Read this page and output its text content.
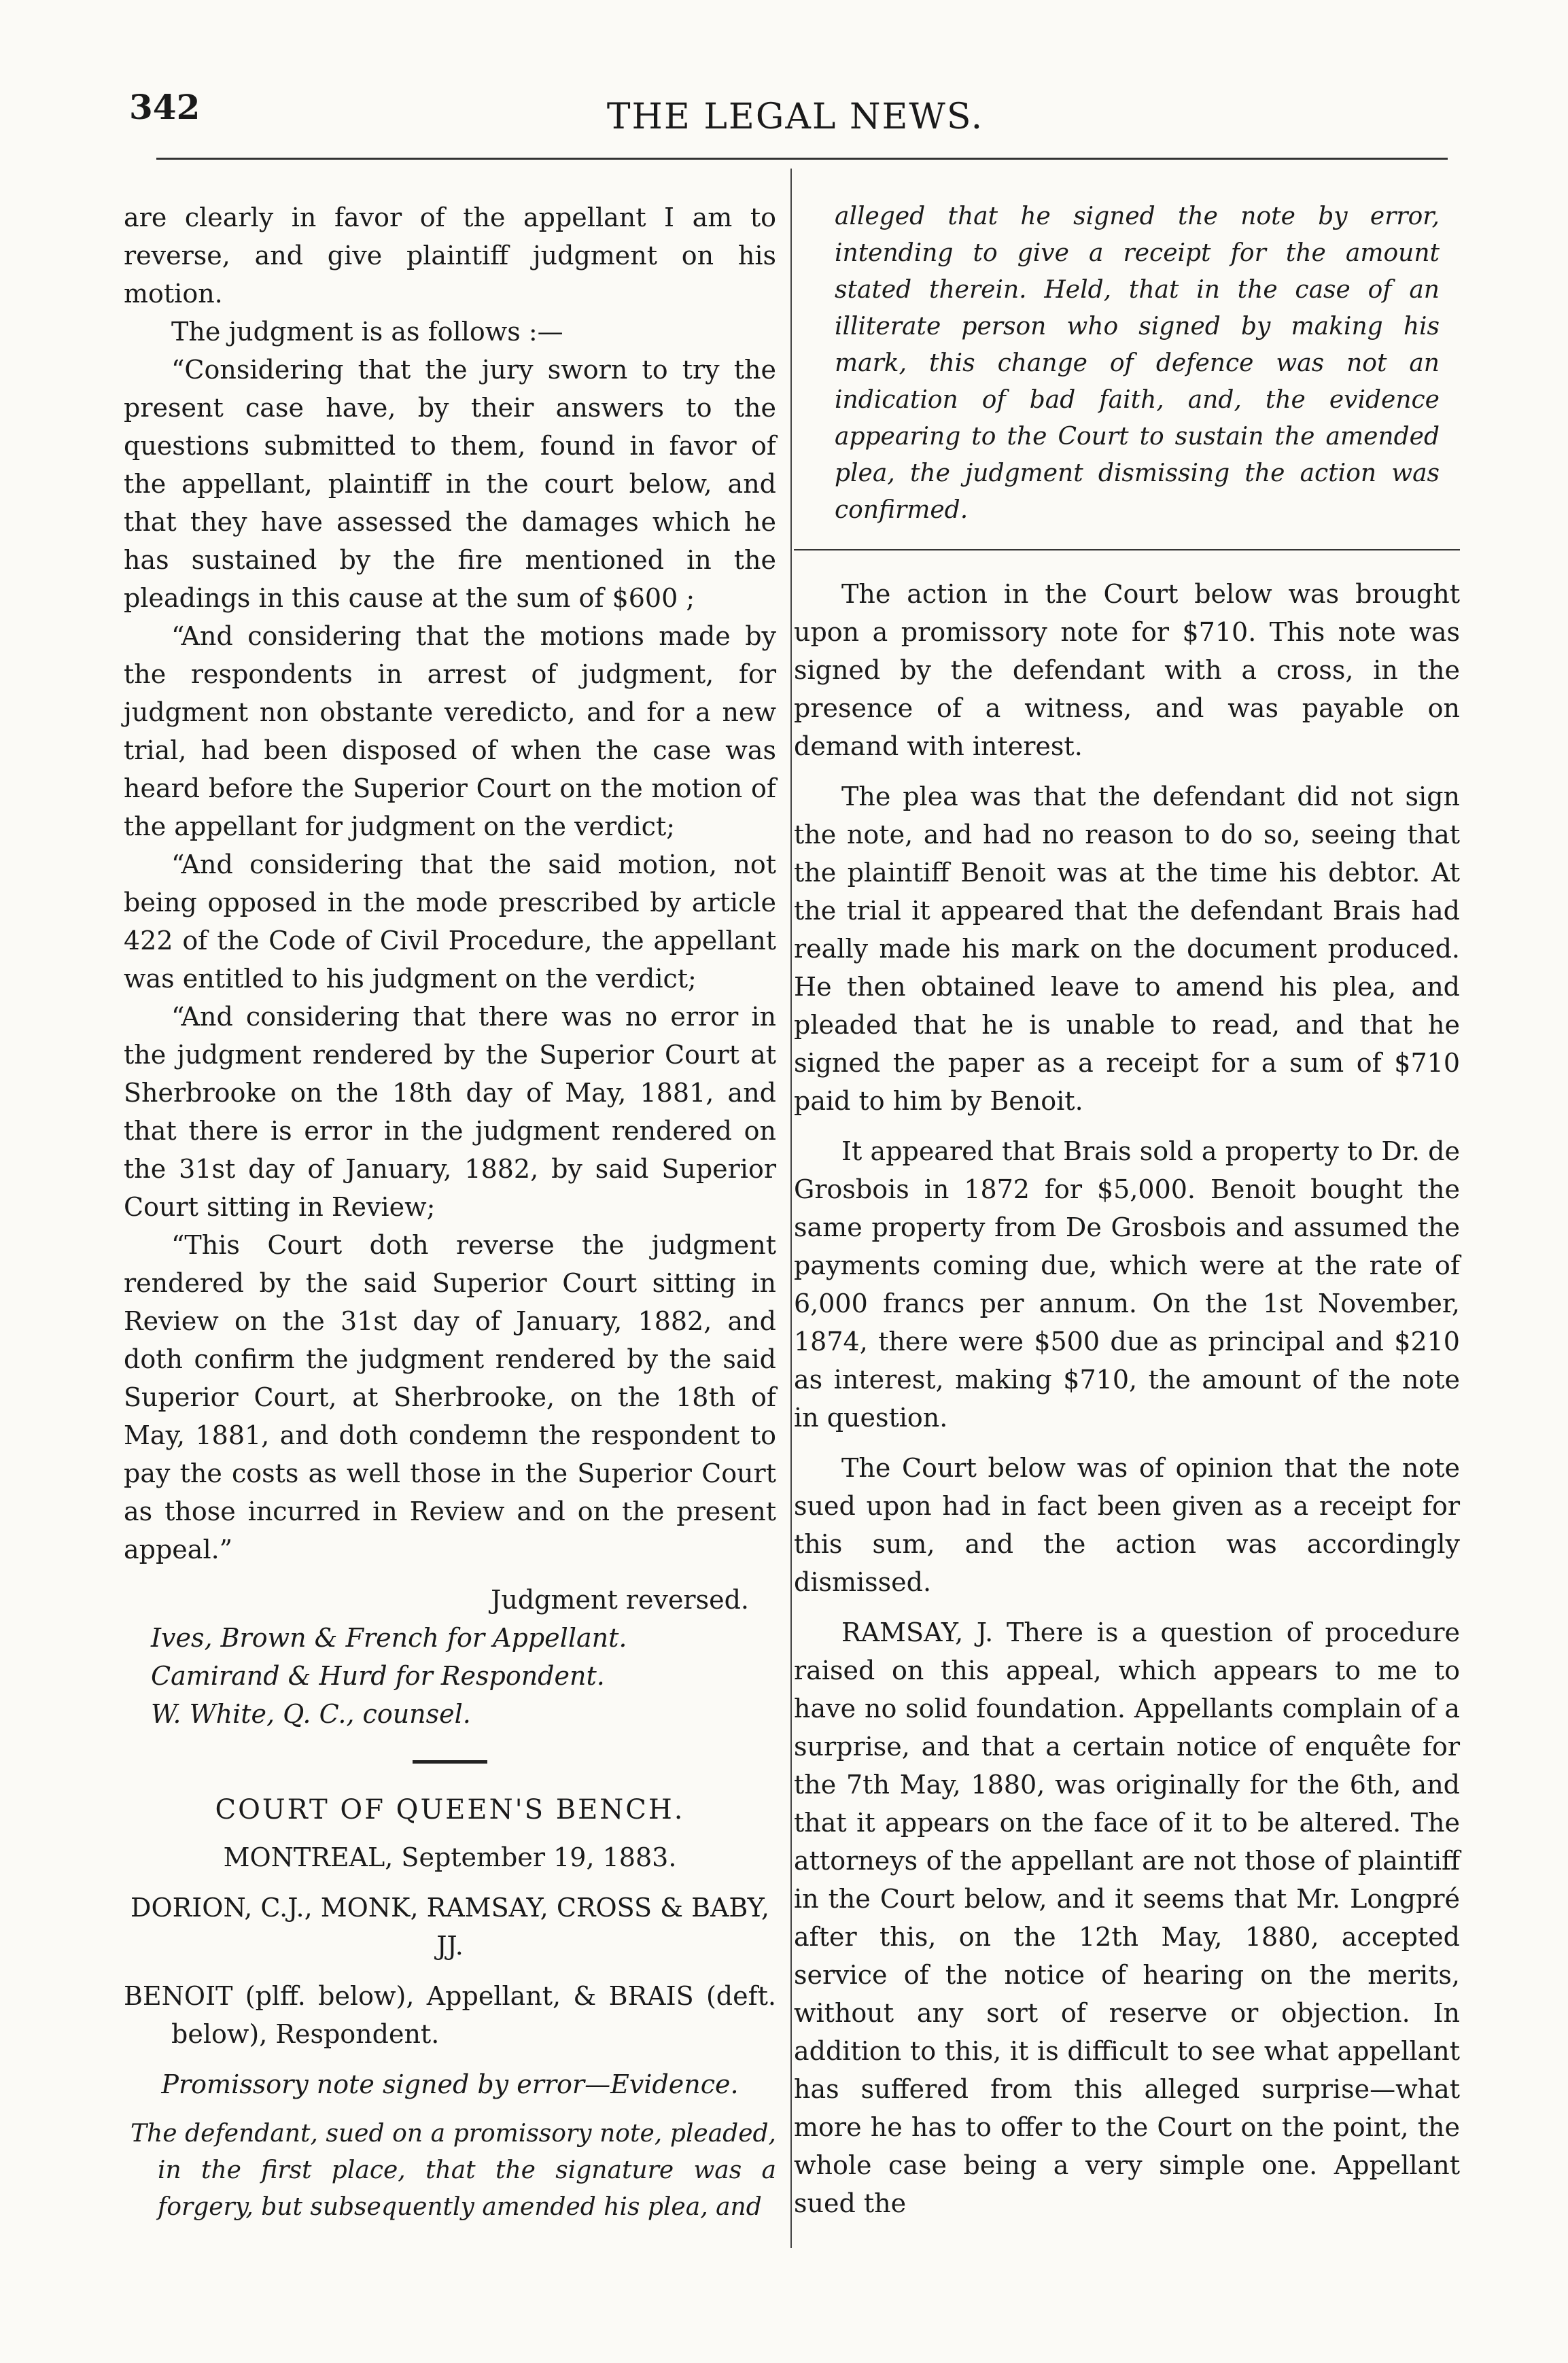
342	THE LEGAL NEWS.

are clearly in favor of the appellant I am to reverse, and give plaintiff judgment on his motion.

The judgment is as follows :—

“Considering that the jury sworn to try the present case have, by their answers to the questions submitted to them, found in favor of the appellant, plaintiff in the court below, and that they have assessed the damages which he has sustained by the fire mentioned in the pleadings in this cause at the sum of $600 ;

“And considering that the motions made by the respondents in arrest of judgment, for judgment non obstante veredicto, and for a new trial, had been disposed of when the case was heard before the Superior Court on the motion of the appellant for judgment on the verdict;

“And considering that the said motion, not being opposed in the mode prescribed by article 422 of the Code of Civil Procedure, the appellant was entitled to his judgment on the verdict;

“And considering that there was no error in the judgment rendered by the Superior Court at Sherbrooke on the 18th day of May, 1881, and that there is error in the judgment rendered on the 31st day of January, 1882, by said Superior Court sitting in Review;

“This Court doth reverse the judgment rendered by the said Superior Court sitting in Review on the 31st day of January, 1882, and doth confirm the judgment rendered by the said Superior Court, at Sherbrooke, on the 18th of May, 1881, and doth condemn the respondent to pay the costs as well those in the Superior Court as those incurred in Review and on the present appeal.”

Judgment reversed.

Ives, Brown & French for Appellant.

Camirand & Hurd for Respondent.

W. White, Q. C., counsel.

COURT OF QUEEN'S BENCH.

MONTREAL, September 19, 1883.

DORION, C.J., MONK, RAMSAY, CROSS & BABY, JJ.

BENOIT (plff. below), Appellant, & BRAIS (deft. below), Respondent.

Promissory note signed by error—Evidence.

The defendant, sued on a promissory note, pleaded, in the first place, that the signature was a forgery, but subsequently amended his plea, and

alleged that he signed the note by error, intending to give a receipt for the amount stated therein. Held, that in the case of an illiterate person who signed by making his mark, this change of defence was not an indication of bad faith, and, the evidence appearing to the Court to sustain the amended plea, the judgment dismissing the action was confirmed.

The action in the Court below was brought upon a promissory note for $710. This note was signed by the defendant with a cross, in the presence of a witness, and was payable on demand with interest.

The plea was that the defendant did not sign the note, and had no reason to do so, seeing that the plaintiff Benoit was at the time his debtor. At the trial it appeared that the defendant Brais had really made his mark on the document produced. He then obtained leave to amend his plea, and pleaded that he is unable to read, and that he signed the paper as a receipt for a sum of $710 paid to him by Benoit.

It appeared that Brais sold a property to Dr. de Grosbois in 1872 for $5,000. Benoit bought the same property from De Grosbois and assumed the payments coming due, which were at the rate of 6,000 francs per annum. On the 1st November, 1874, there were $500 due as principal and $210 as interest, making $710, the amount of the note in question.

The Court below was of opinion that the note sued upon had in fact been given as a receipt for this sum, and the action was accordingly dismissed.

RAMSAY, J. There is a question of procedure raised on this appeal, which appears to me to have no solid foundation. Appellants complain of a surprise, and that a certain notice of enquête for the 7th May, 1880, was originally for the 6th, and that it appears on the face of it to be altered. The attorneys of the appellant are not those of plaintiff in the Court below, and it seems that Mr. Longpré after this, on the 12th May, 1880, accepted service of the notice of hearing on the merits, without any sort of reserve or objection. In addition to this, it is difficult to see what appellant has suffered from this alleged surprise—what more he has to offer to the Court on the point, the whole case being a very simple one. Appellant sued the
